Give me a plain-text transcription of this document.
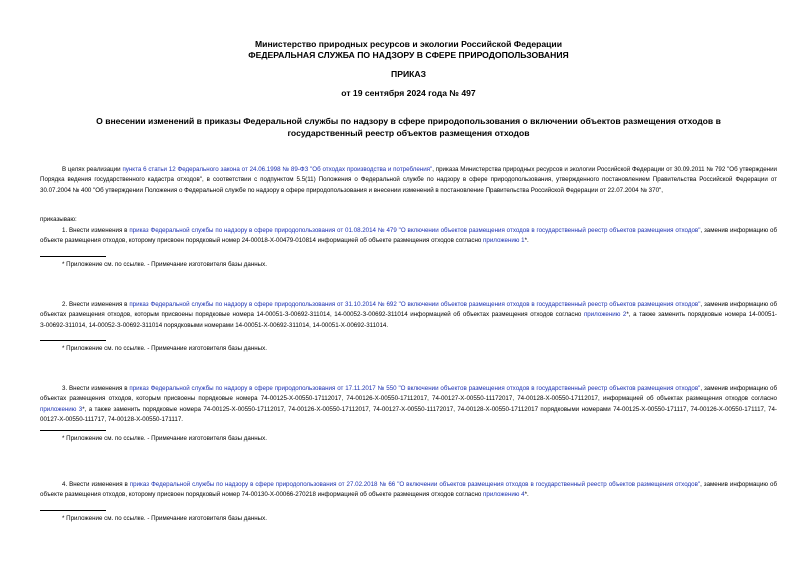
Министерство природных ресурсов и экологии Российской Федерации
ФЕДЕРАЛЬНАЯ СЛУЖБА ПО НАДЗОРУ В СФЕРЕ ПРИРОДОПОЛЬЗОВАНИЯ
ПРИКАЗ
от 19 сентября 2024 года № 497
О внесении изменений в приказы Федеральной службы по надзору в сфере природопользования о включении объектов размещения отходов в государственный реестр объектов размещения отходов
В целях реализации пункта 6 статьи 12 Федерального закона от 24.06.1998 № 89-ФЗ "Об отходах производства и потребления", приказа Министерства природных ресурсов и экологии Российской Федерации от 30.09.2011 № 792 "Об утверждении Порядка ведения государственного кадастра отходов", в соответствии с подпунктом 5.5(11) Положения о Федеральной службе по надзору в сфере природопользования, утвержденного постановлением Правительства Российской Федерации от 30.07.2004 № 400 "Об утверждении Положения о Федеральной службе по надзору в сфере природопользования и внесении изменений в постановление Правительства Российской Федерации от 22.07.2004 № 370",
приказываю:
1. Внести изменения в приказ Федеральной службы по надзору в сфере природопользования от 01.08.2014 № 479 "О включении объектов размещения отходов в государственный реестр объектов размещения отходов", заменив информацию об объекте размещения отходов, которому присвоен порядковый номер 24-00018-Х-00479-010814 информацией об объекте размещения отходов согласно приложению 1*.
* Приложение см. по ссылке. - Примечание изготовителя базы данных.
2. Внести изменения в приказ Федеральной службы по надзору в сфере природопользования от 31.10.2014 № 692 "О включении объектов размещения отходов в государственный реестр объектов размещения отходов", заменив информацию об объектах размещения отходов, которым присвоены порядковые номера 14-00051-З-00692-311014, 14-00052-З-00692-311014 информацией об объектах размещения отходов согласно приложению 2*, а также заменить порядковые номера 14-00051-З-00692-311014, 14-00052-З-00692-311014 порядковыми номерами 14-00051-Х-00692-311014, 14-00051-Х-00692-311014.
* Приложение см. по ссылке. - Примечание изготовителя базы данных.
3. Внести изменения в приказ Федеральной службы по надзору в сфере природопользования от 17.11.2017 № 550 "О включении объектов размещения отходов в государственный реестр объектов размещения отходов", заменив информацию об объектах размещения отходов, которым присвоены порядковые номера 74-00125-Х-00550-17112017, 74-00126-Х-00550-17112017, 74-00127-Х-00550-11172017, 74-00128-Х-00550-17112017, информацией об объектах размещения отходов согласно приложению 3*, а также заменить порядковые номера 74-00125-Х-00550-17112017, 74-00126-Х-00550-17112017, 74-00127-Х-00550-11172017, 74-00128-Х-00550-17112017 порядковыми номерами 74-00125-Х-00550-171117, 74-00126-Х-00550-171117, 74-00127-Х-00550-111717, 74-00128-Х-00550-171117.
* Приложение см. по ссылке. - Примечание изготовителя базы данных.
4. Внести изменения в приказ Федеральной службы по надзору в сфере природопользования от 27.02.2018 № 66 "О включении объектов размещения отходов в государственный реестр объектов размещения отходов", заменив информацию об объекте размещения отходов, которому присвоен порядковый номер 74-00130-Х-00066-270218 информацией об объекте размещения отходов согласно приложению 4*.
* Приложение см. по ссылке. - Примечание изготовителя базы данных.
